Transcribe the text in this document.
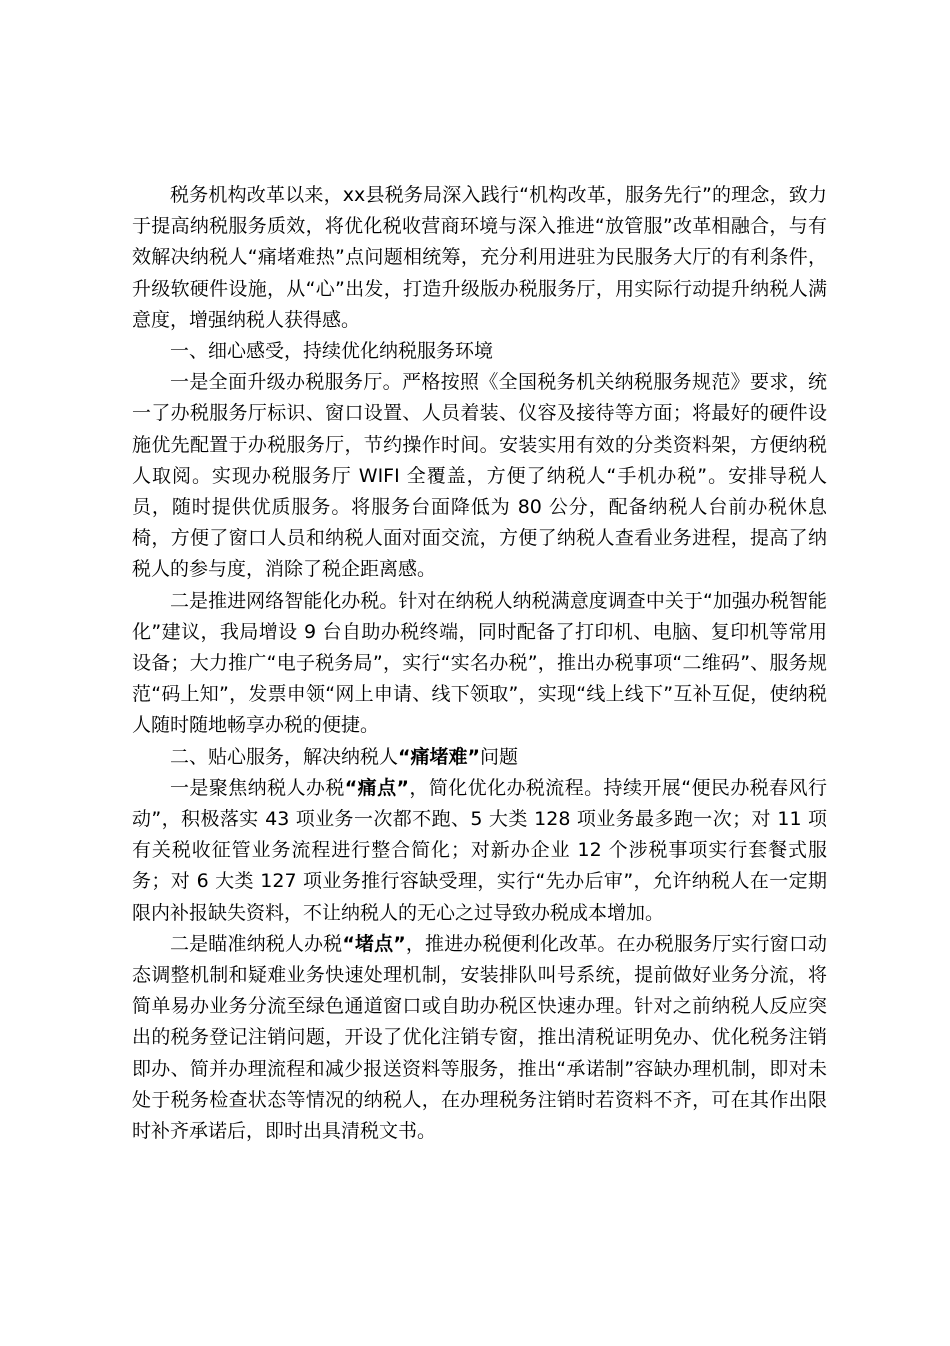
税务机构改革以来，xx县税务局深入践行“机构改革，服务先行”的理念，致力于提高纳税服务质效，将优化税收营商环境与深入推进“放管服”改革相融合，与有效解决纳税人“痛堵难热”点问题相统筹，充分利用进驻为民服务大厅的有利条件，升级软硬件设施，从“心”出发，打造升级版办税服务厅，用实际行动提升纳税人满意度，增强纳税人获得感。

一、细心感受，持续优化纳税服务环境

一是全面升级办税服务厅。严格按照《全国税务机关纳税服务规范》要求，统一了办税服务厅标识、窗口设置、人员着装、仪容及接待等方面；将最好的硬件设施优先配置于办税服务厅，节约操作时间。安装实用有效的分类资料架，方便纳税人取阅。实现办税服务厅 WIFI 全覆盖，方便了纳税人“手机办税”。安排导税人员，随时提供优质服务。将服务台面降低为 80 公分，配备纳税人台前办税休息椅，方便了窗口人员和纳税人面对面交流，方便了纳税人查看业务进程，提高了纳税人的参与度，消除了税企距离感。

二是推进网络智能化办税。针对在纳税人纳税满意度调查中关于“加强办税智能化”建议，我局增设 9 台自助办税终端，同时配备了打印机、电脑、复印机等常用设备；大力推广“电子税务局”，实行“实名办税”，推出办税事项“二维码”、服务规范“码上知”，发票申领“网上申请、线下领取”，实现“线上线下”互补互促，使纳税人随时随地畅享办税的便捷。

二、贴心服务，解决纳税人“痛堵难”问题

一是聚焦纳税人办税“痛点”，简化优化办税流程。持续开展“便民办税春风行动”，积极落实 43 项业务一次都不跑、5 大类 128 项业务最多跑一次；对 11 项有关税收征管业务流程进行整合简化；对新办企业 12 个涉税事项实行套餐式服务；对 6 大类 127 项业务推行容缺受理，实行“先办后审”，允许纳税人在一定期限内补报缺失资料，不让纳税人的无心之过导致办税成本增加。

二是瞄准纳税人办税“堵点”，推进办税便利化改革。在办税服务厅实行窗口动态调整机制和疑难业务快速处理机制，安装排队叫号系统，提前做好业务分流，将简单易办业务分流至绿色通道窗口或自助办税区快速办理。针对之前纳税人反应突出的税务登记注销问题，开设了优化注销专窗，推出清税证明免办、优化税务注销即办、简并办理流程和减少报送资料等服务，推出“承诺制”容缺办理机制，即对未处于税务检查状态等情况的纳税人，在办理税务注销时若资料不齐，可在其作出限时补齐承诺后，即时出具清税文书。
